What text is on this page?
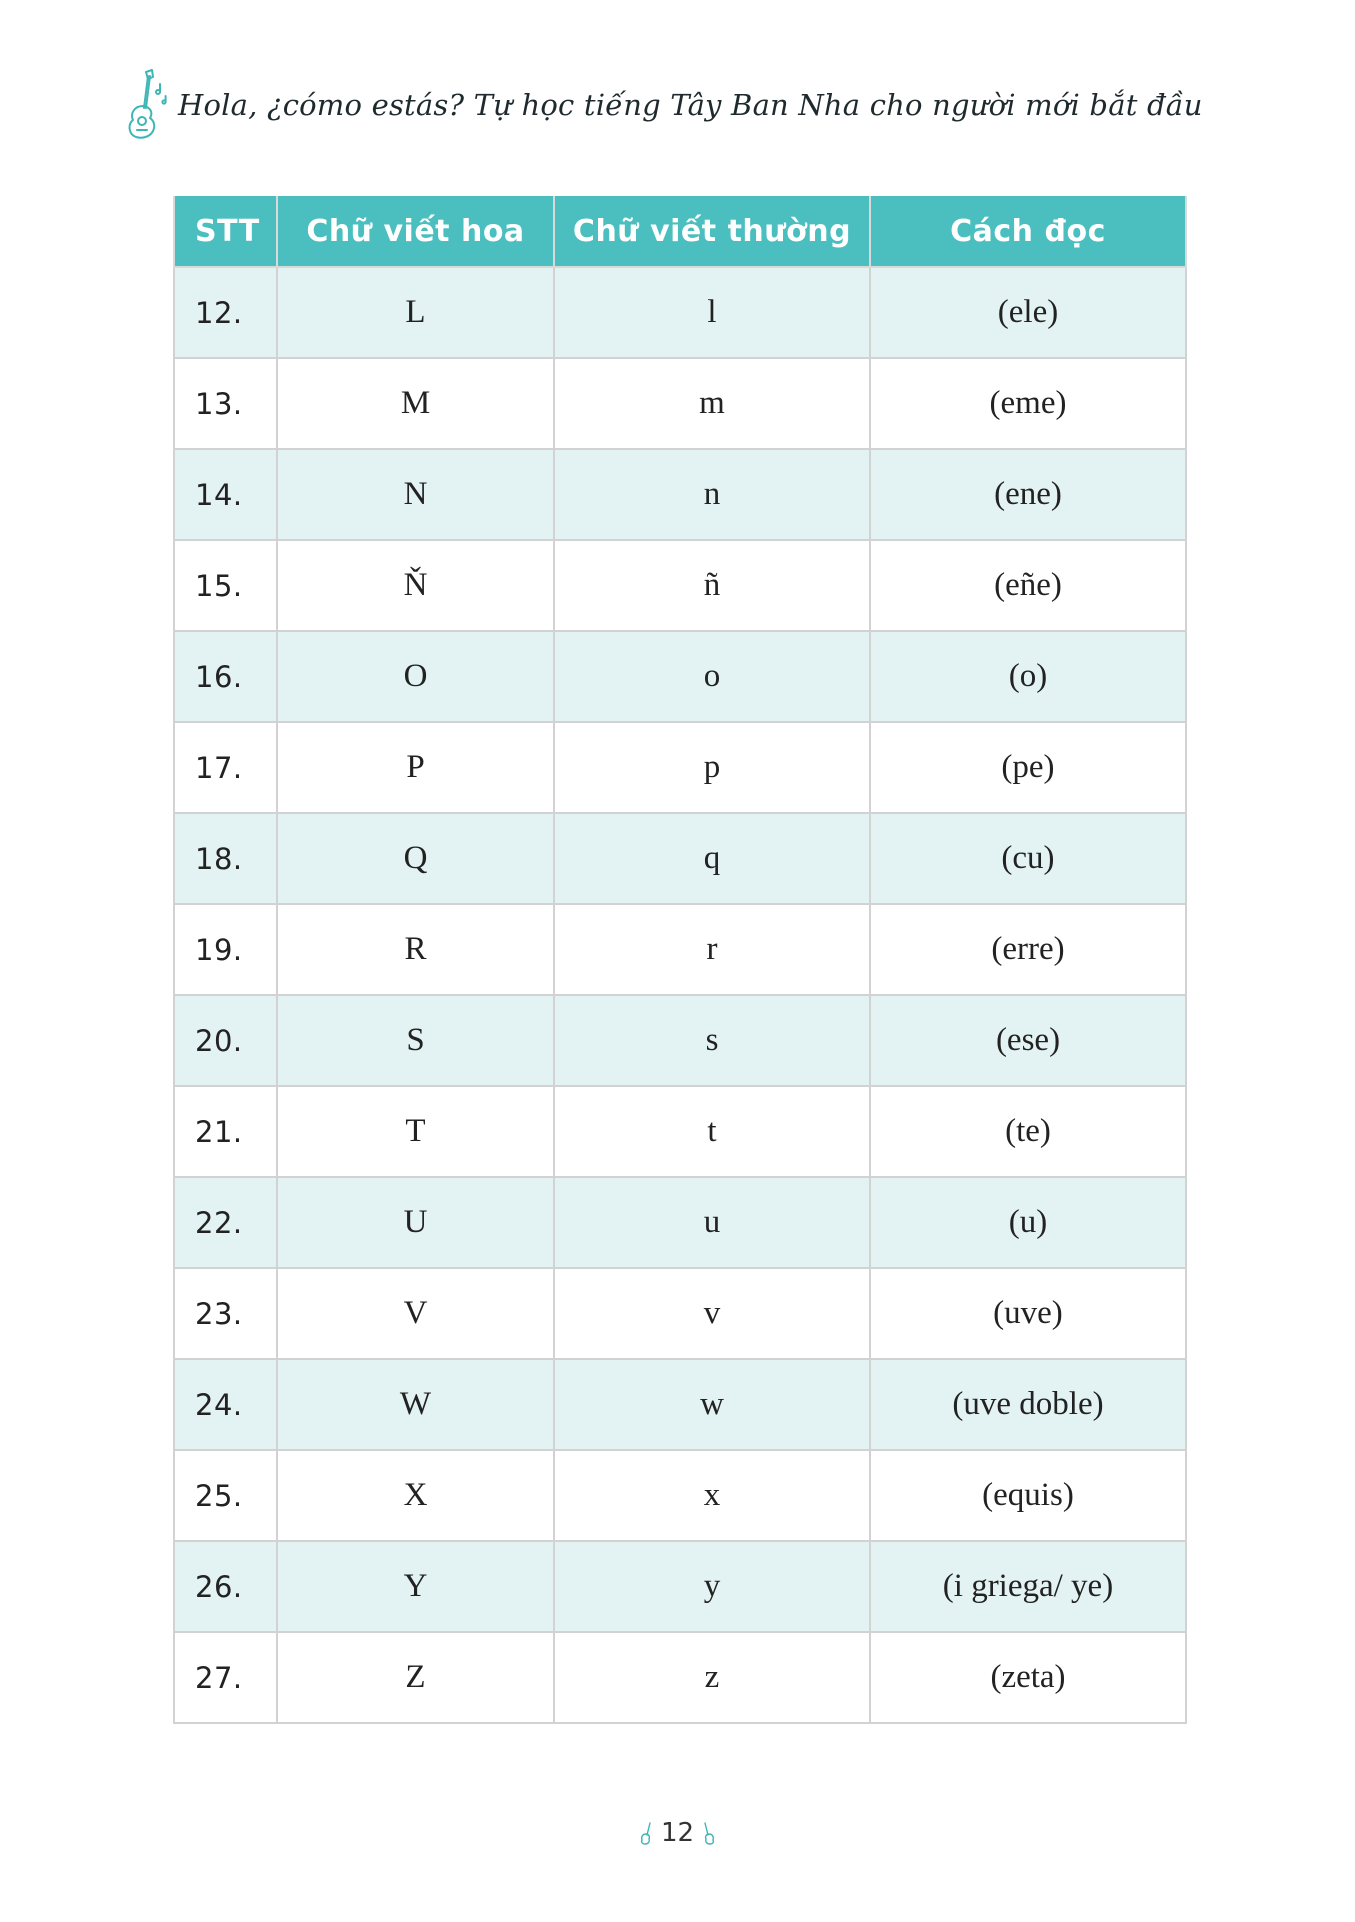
Hola, ¿cómo estás? Tự học tiếng Tây Ban Nha cho người mới bắt đầu
STT	Chữ viết hoa	Chữ viết thường	Cách đọc
12.	L	l	(ele)
13.	M	m	(eme)
14.	N	n	(ene)
15.	Ň	ñ	(eñe)
16.	O	o	(o)
17.	P	p	(pe)
18.	Q	q	(cu)
19.	R	r	(erre)
20.	S	s	(ese)
21.	T	t	(te)
22.	U	u	(u)
23.	V	v	(uve)
24.	W	w	(uve doble)
25.	X	x	(equis)
26.	Y	y	(i griega/ ye)
27.	Z	z	(zeta)
12
